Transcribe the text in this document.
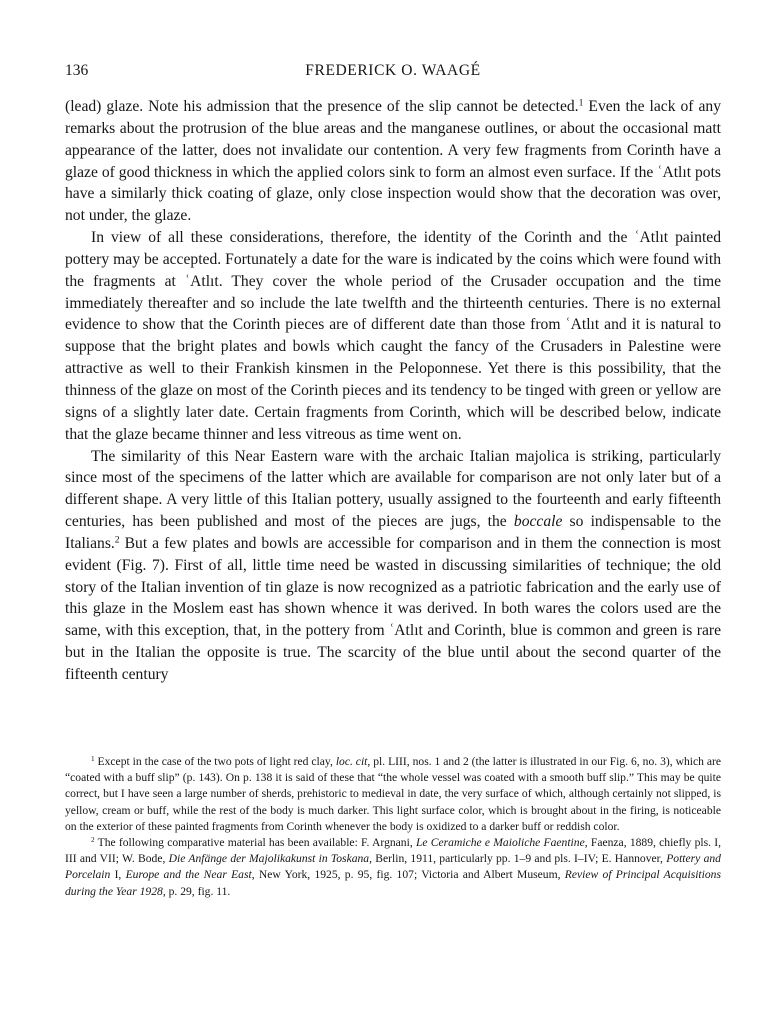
136	FREDERICK O. WAAGÉ

(lead) glaze. Note his admission that the presence of the slip cannot be detected.$^1$ Even the lack of any remarks about the protrusion of the blue areas and the manganese outlines, or about the occasional matt appearance of the latter, does not invalidate our contention. A very few fragments from Corinth have a glaze of good thickness in which the applied colors sink to form an almost even surface. If the ʿAtlıt pots have a similarly thick coating of glaze, only close inspection would show that the decoration was over, not under, the glaze.

In view of all these considerations, therefore, the identity of the Corinth and the ʿAtlıt painted pottery may be accepted. Fortunately a date for the ware is indicated by the coins which were found with the fragments at ʿAtlıt. They cover the whole period of the Crusader occupation and the time immediately thereafter and so include the late twelfth and the thirteenth centuries. There is no external evidence to show that the Corinth pieces are of different date than those from ʿAtlıt and it is natural to suppose that the bright plates and bowls which caught the fancy of the Crusaders in Palestine were attractive as well to their Frankish kinsmen in the Peloponnese. Yet there is this possibility, that the thinness of the glaze on most of the Corinth pieces and its tendency to be tinged with green or yellow are signs of a slightly later date. Certain fragments from Corinth, which will be described below, indicate that the glaze became thinner and less vitreous as time went on.

The similarity of this Near Eastern ware with the archaic Italian majolica is striking, particularly since most of the specimens of the latter which are available for comparison are not only later but of a different shape. A very little of this Italian pottery, usually assigned to the fourteenth and early fifteenth centuries, has been published and most of the pieces are jugs, the boccale so indispensable to the Italians.$^2$ But a few plates and bowls are accessible for comparison and in them the connection is most evident (Fig. 7). First of all, little time need be wasted in discussing similarities of technique; the old story of the Italian invention of tin glaze is now recognized as a patriotic fabrication and the early use of this glaze in the Moslem east has shown whence it was derived. In both wares the colors used are the same, with this exception, that, in the pottery from ʿAtlıt and Corinth, blue is common and green is rare but in the Italian the opposite is true. The scarcity of the blue until about the second quarter of the fifteenth century

$^1$ Except in the case of the two pots of light red clay, loc. cit, pl. LIII, nos. 1 and 2 (the latter is illustrated in our Fig. 6, no. 3), which are “coated with a buff slip” (p. 143). On p. 138 it is said of these that “the whole vessel was coated with a smooth buff slip.” This may be quite correct, but I have seen a large number of sherds, prehistoric to medieval in date, the very surface of which, although certainly not slipped, is yellow, cream or buff, while the rest of the body is much darker. This light surface color, which is brought about in the firing, is noticeable on the exterior of these painted fragments from Corinth whenever the body is oxidized to a darker buff or reddish color.

$^2$ The following comparative material has been available: F. Argnani, Le Ceramiche e Maioliche Faentine, Faenza, 1889, chiefly pls. I, III and VII; W. Bode, Die Anfänge der Majolikakunst in Toskana, Berlin, 1911, particularly pp. 1–9 and pls. I–IV; E. Hannover, Pottery and Porcelain I, Europe and the Near East, New York, 1925, p. 95, fig. 107; Victoria and Albert Museum, Review of Principal Acquisitions during the Year 1928, p. 29, fig. 11.
